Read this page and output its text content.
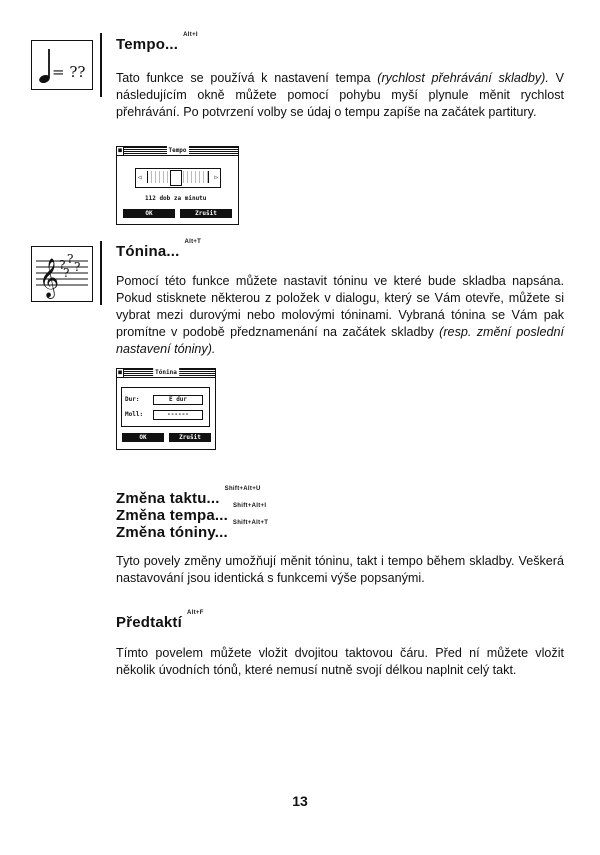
= ??
Tempo...$^{Alt+I}$
Tato funkce se používá k nastavení tempa (rychlost přehrávání skladby). V následujícím okně můžete pomocí pohybu myší plynule měnit rychlost přehrávání. Po potvrzení volby se údaj o tempu zapíše na začátek partitury.
■	Tempo
◁	▷
112 dob za minutu
OK	Zrušit
𝄞 ? ?
? ?
Tónina...$^{Alt+T}$
Pomocí této funkce můžete nastavit tóninu ve které bude skladba napsána. Pokud stisknete některou z položek v dialogu, který se Vám otevře, můžete si vybrat mezi durovými nebo molovými tóninami. Vybraná tónina se Vám pak promítne v podobě předznamenání na začátek skladby (resp. změní poslední nastavení tóniny).
■	Tónina
Dur:	E dur
Moll:	------
OK	Zrušit
Změna taktu...$^{Shift+Alt+U}$
Změna tempa...$^{Shift+Alt+I}$
Změna tóniny...$^{Shift+Alt+T}$
Tyto povely změny umožňují měnit tóninu, takt i tempo během skladby. Veškerá nastavování jsou identická s funkcemi výše popsanými.
Předtaktí$^{Alt+F}$
Tímto povelem můžete vložit dvojitou taktovou čáru. Před ní můžete vložit několik úvodních tónů, které nemusí nutně svojí délkou naplnit celý takt.
13
